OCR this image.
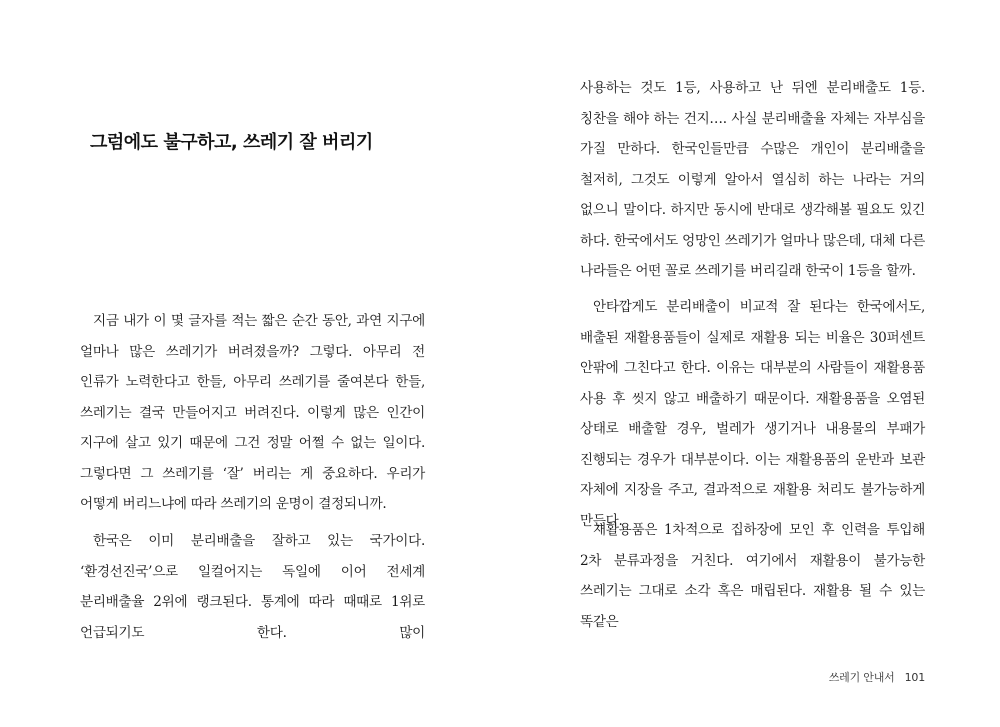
그럼에도 불구하고, 쓰레기 잘 버리기

지금 내가 이 몇 글자를 적는 짧은 순간 동안, 과연 지구에 얼마나 많은 쓰레기가 버려졌을까? 그렇다. 아무리 전 인류가 노력한다고 한들, 아무리 쓰레기를 줄여본다 한들, 쓰레기는 결국 만들어지고 버려진다. 이렇게 많은 인간이 지구에 살고 있기 때문에 그건 정말 어쩔 수 없는 일이다. 그렇다면 그 쓰레기를 ‘잘’ 버리는 게 중요하다. 우리가 어떻게 버리느냐에 따라 쓰레기의 운명이 결정되니까.

한국은 이미 분리배출을 잘하고 있는 국가이다. ‘환경선진국’으로 일컬어지는 독일에 이어 전세계 분리배출율 2위에 랭크된다. 통계에 따라 때때로 1위로 언급되기도 한다. 많이

사용하는 것도 1등, 사용하고 난 뒤엔 분리배출도 1등. 칭찬을 해야 하는 건지…. 사실 분리배출율 자체는 자부심을 가질 만하다. 한국인들만큼 수많은 개인이 분리배출을 철저히, 그것도 이렇게 알아서 열심히 하는 나라는 거의 없으니 말이다. 하지만 동시에 반대로 생각해볼 필요도 있긴 하다. 한국에서도 엉망인 쓰레기가 얼마나 많은데, 대체 다른 나라들은 어떤 꼴로 쓰레기를 버리길래 한국이 1등을 할까.

안타깝게도 분리배출이 비교적 잘 된다는 한국에서도, 배출된 재활용품들이 실제로 재활용 되는 비율은 30퍼센트 안팎에 그친다고 한다. 이유는 대부분의 사람들이 재활용품 사용 후 씻지 않고 배출하기 때문이다. 재활용품을 오염된 상태로 배출할 경우, 벌레가 생기거나 내용물의 부패가 진행되는 경우가 대부분이다. 이는 재활용품의 운반과 보관 자체에 지장을 주고, 결과적으로 재활용 처리도 불가능하게 만든다.

재활용품은 1차적으로 집하장에 모인 후 인력을 투입해 2차 분류과정을 거친다. 여기에서 재활용이 불가능한 쓰레기는 그대로 소각 혹은 매립된다. 재활용 될 수 있는 똑같은

쓰레기 안내서 101
